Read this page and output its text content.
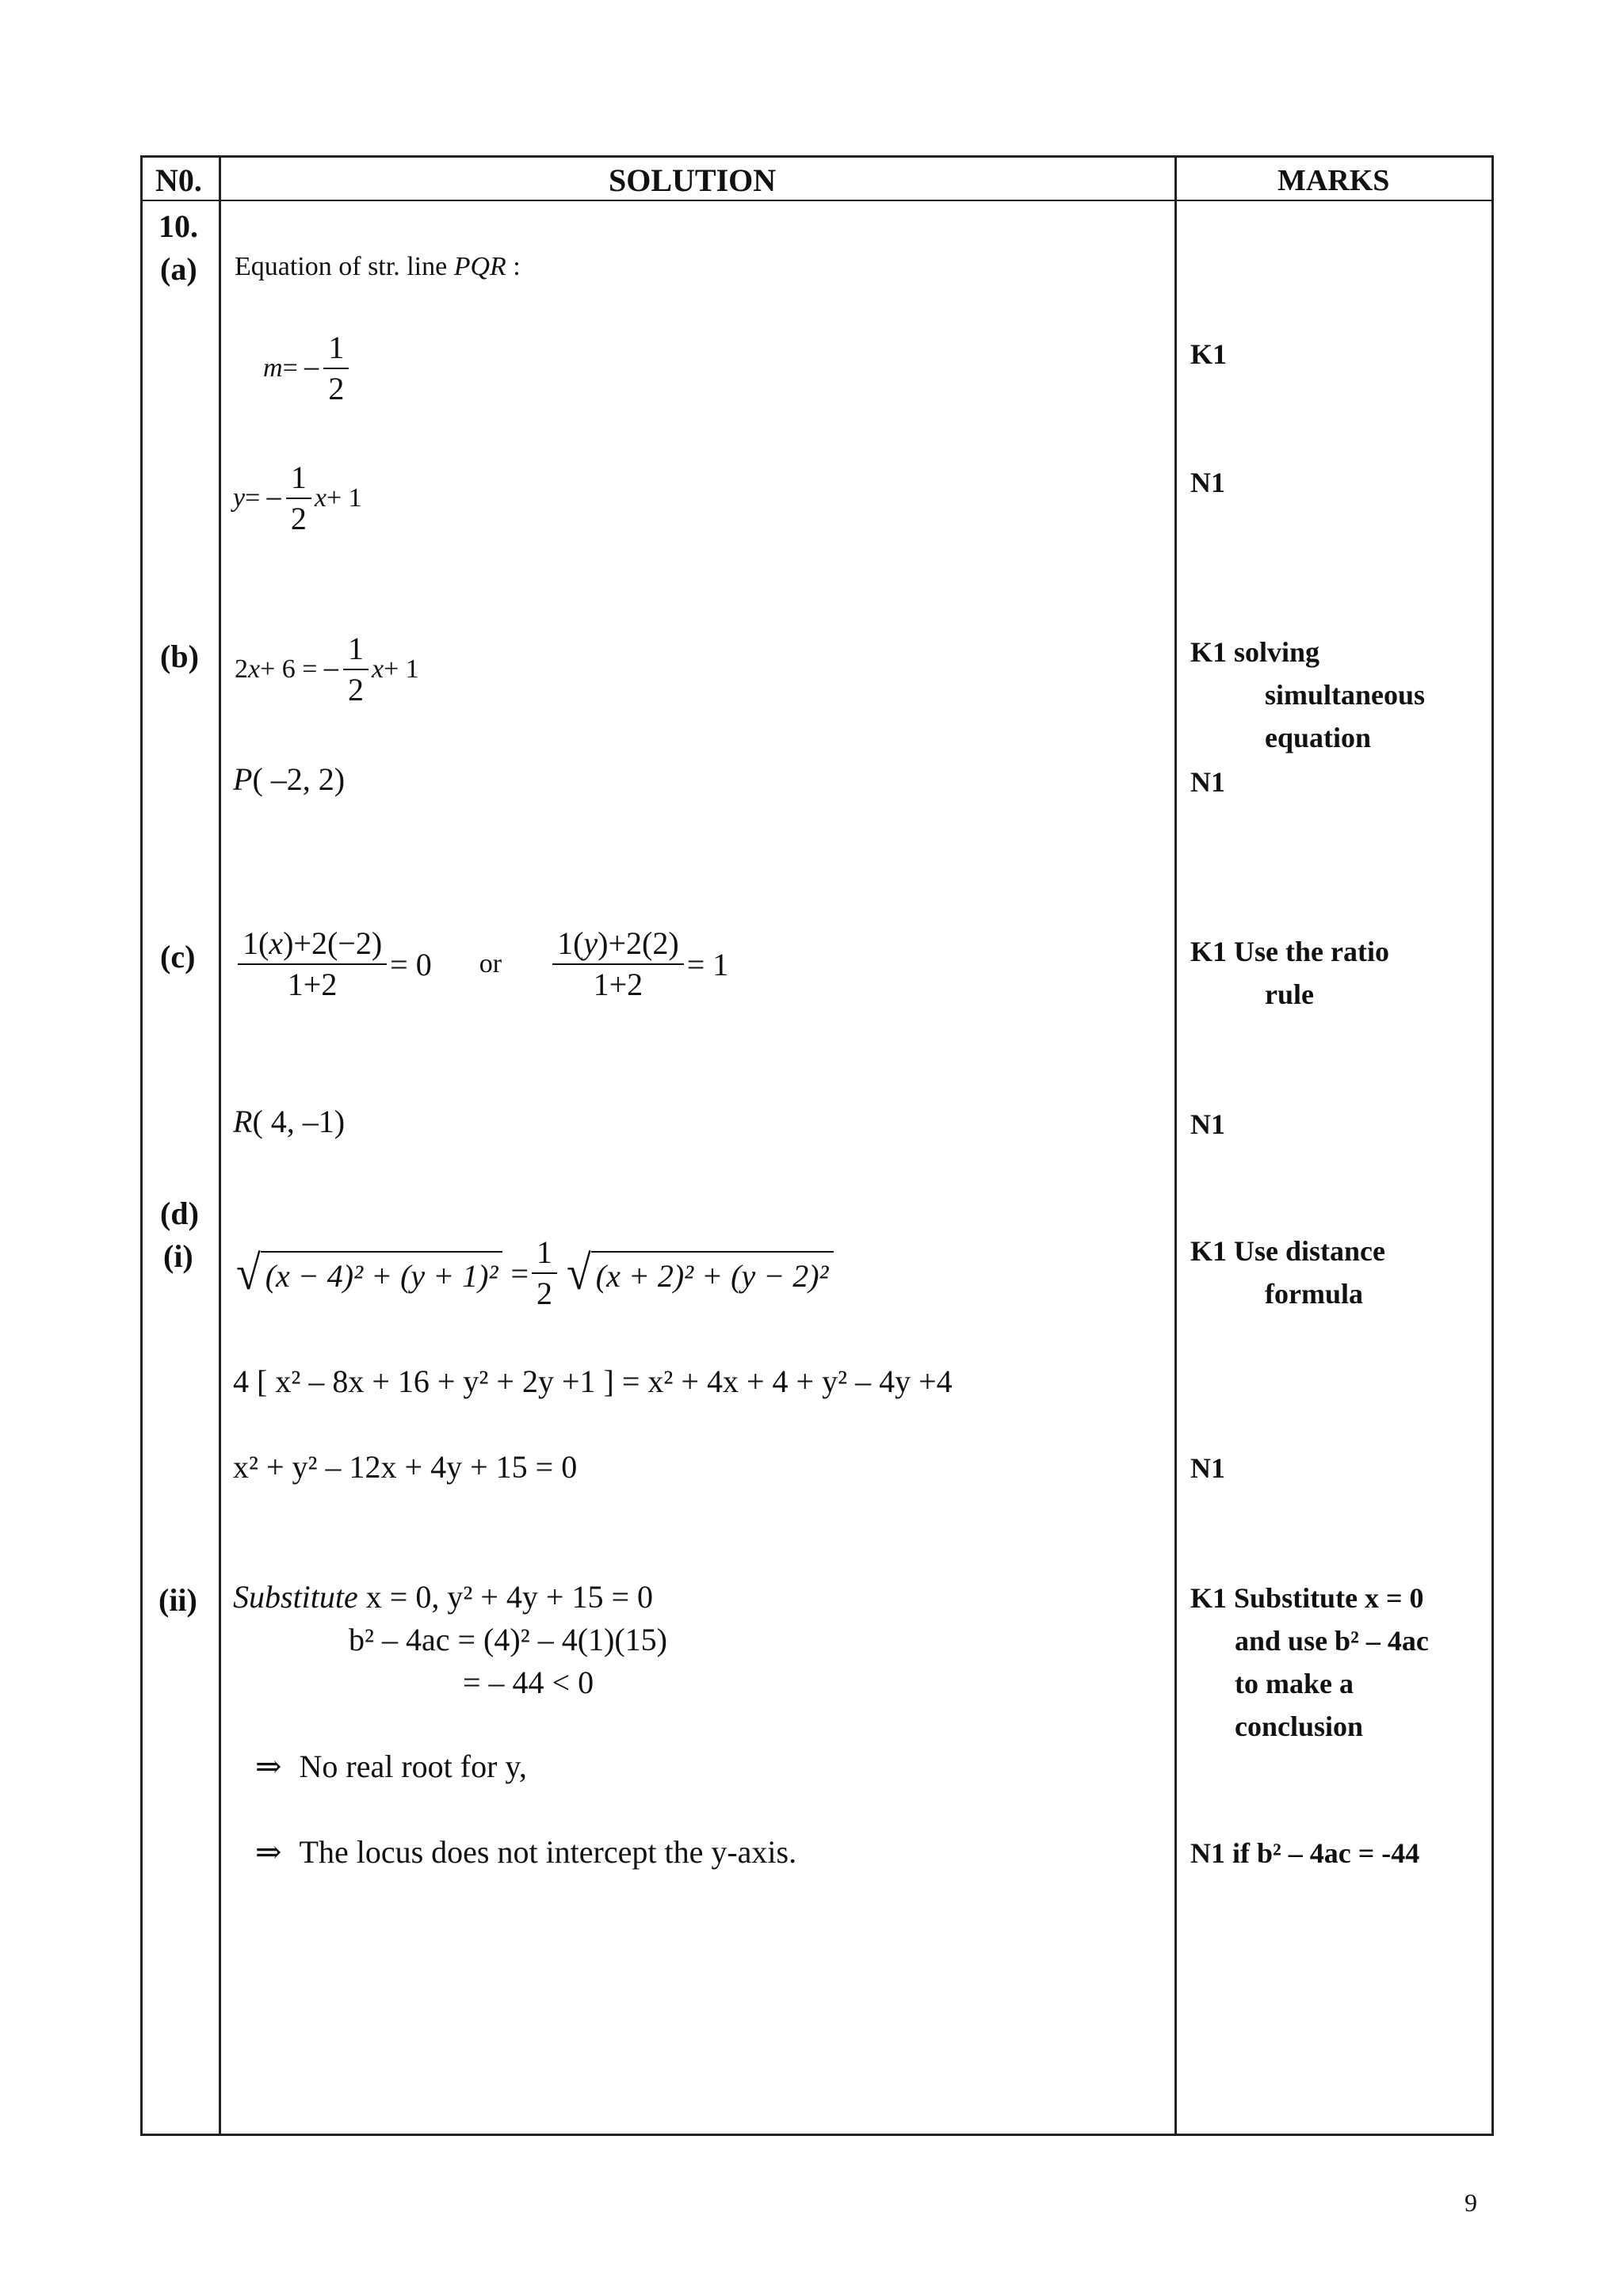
N0.	SOLUTION	MARKS
10.
(a)
(b)
(c)
(d)
(i)
(ii)
Equation of str. line PQR :
m = − $\frac{1}{2}$
y = − $\frac{1}{2}$ x + 1
K1
N1
2 x + 6 = − $\frac{1}{2}$ x + 1
P( –2, 2)
K1 solving
simultaneous
equation
N1
$\frac{1(x)+2(-2)}{1+2} = 0$ or $\frac{1(y)+2(2)}{1+2} = 1$
R( 4, –1)
K1 Use the ratio
rule
N1
√ $(x - 4)^2 + (y + 1)^2 = \frac{1}{2}$ √ (x + 2)² + (y − 2)²
4 [ x² – 8x + 16 + y² + 2y +1 ] = x² + 4x + 4 + y² – 4y +4
x² + y² – 12x + 4y + 15 = 0
K1 Use distance
formula
N1
Substitute x = 0, y² + 4y + 15 = 0
b² – 4ac = (4)² – 4(1)(15)
= – 44 < 0
⇒ No real root for y,
⇒ The locus does not intercept the y-axis.
K1 Substitute x = 0
and use b² – 4ac
to make a
conclusion
N1 if b² – 4ac = -44
9
